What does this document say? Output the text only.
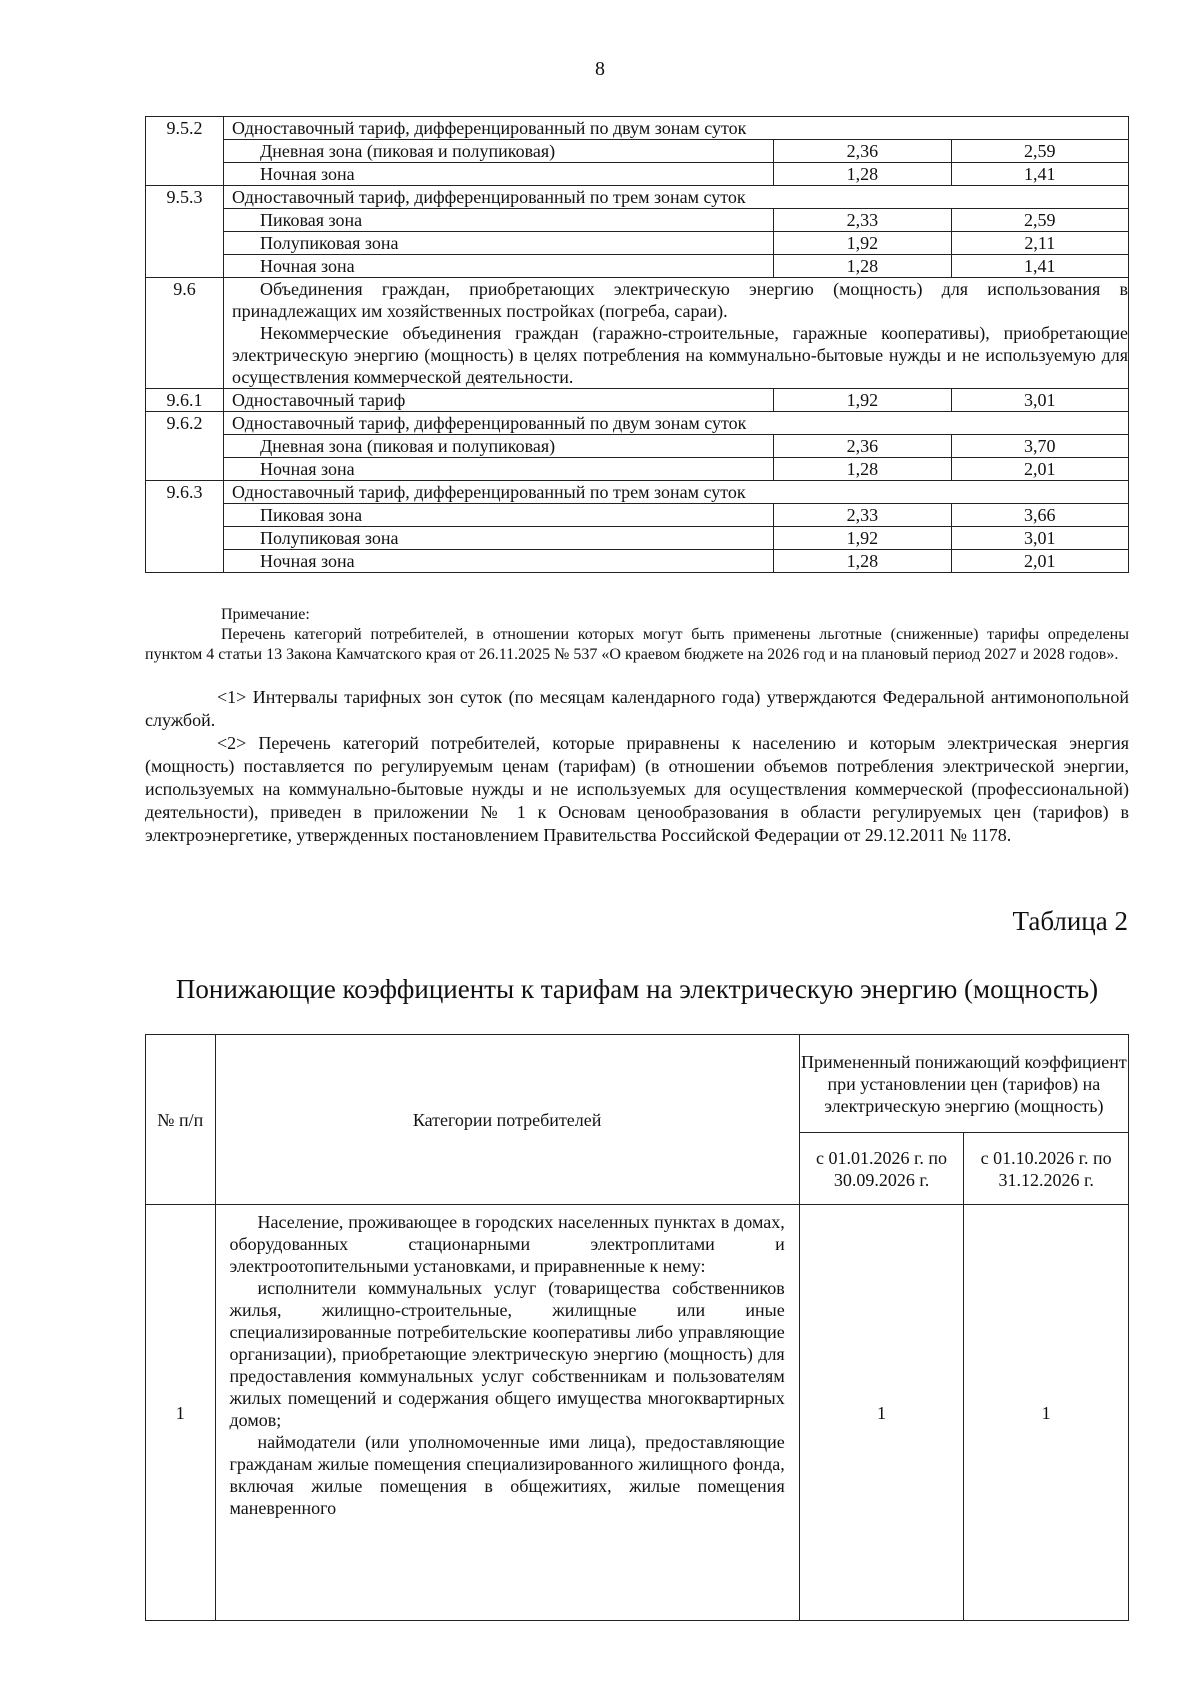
8
9.5.2	Одноставочный тариф, дифференцированный по двум зонам суток		
	Дневная зона (пиковая и полупиковая)	2,36	2,59
	Ночная зона	1,28	1,41
9.5.3	Одноставочный тариф, дифференцированный по трем зонам суток		
	Пиковая зона	2,33	2,59
	Полупиковая зона	1,92	2,11
	Ночная зона	1,28	1,41
9.6	Объединения граждан, приобретающих электрическую энергию (мощность) для использования в принадлежащих им хозяйственных постройках (погреба, сараи).
Некоммерческие объединения граждан (гаражно-строительные, гаражные кооперативы), приобретающие электрическую энергию (мощность) в целях потребления на коммунально-бытовые нужды и не используемую для осуществления коммерческой деятельности.		

9.6.1	Одноставочный тариф	1,92	3,01
9.6.2	Одноставочный тариф, дифференцированный по двум зонам суток		
	Дневная зона (пиковая и полупиковая)	2,36	3,70
	Ночная зона	1,28	2,01
9.6.3	Одноставочный тариф, дифференцированный по трем зонам суток		
	Пиковая зона	2,33	3,66
	Полупиковая зона	1,92	3,01
	Ночная зона	1,28	2,01

Примечание:

Перечень категорий потребителей, в отношении которых могут быть применены льготные (сниженные) тарифы определены пунктом 4 статьи 13 Закона Камчатского края от 26.11.2025 № 537 «О краевом бюджете на 2026 год и на плановый период 2027 и 2028 годов».

<1> Интервалы тарифных зон суток (по месяцам календарного года) утверждаются Федеральной антимонопольной службой.

<2> Перечень категорий потребителей, которые приравнены к населению и которым электрическая энергия (мощность) поставляется по регулируемым ценам (тарифам) (в отношении объемов потребления электрической энергии, используемых на коммунально-бытовые нужды и не используемых для осуществления коммерческой (профессиональной) деятельности), приведен в приложении № 1 к Основам ценообразования в области регулируемых цен (тарифов) в электроэнергетике, утвержденных постановлением Правительства Российской Федерации от 29.12.2011 № 1178.

Таблица 2
Понижающие коэффициенты к тарифам на электрическую энергию (мощность)
№ п/п	Категории потребителей	Примененный понижающий коэффициент при установлении цен (тарифов) на электрическую энергию (мощность)	
		с 01.01.2026 г. по 30.09.2026 г.	с 01.10.2026 г. по 31.12.2026 г.
1	Население, проживающее в городских населенных пунктах в домах, оборудованных стационарными электроплитами и электроотопительными установками, и приравненные к нему:

исполнители коммунальных услуг (товарищества собственников жилья, жилищно-строительные, жилищные или иные специализированные потребительские кооперативы либо управляющие организации), приобретающие электрическую энергию (мощность) для предоставления коммунальных услуг собственникам и пользователям жилых помещений и содержания общего имущества многоквартирных домов;

наймодатели (или уполномоченные ими лица), предоставляющие гражданам жилые помещения специализированного жилищного фонда, включая жилые помещения в общежитиях, жилые помещения маневренного	1	1
